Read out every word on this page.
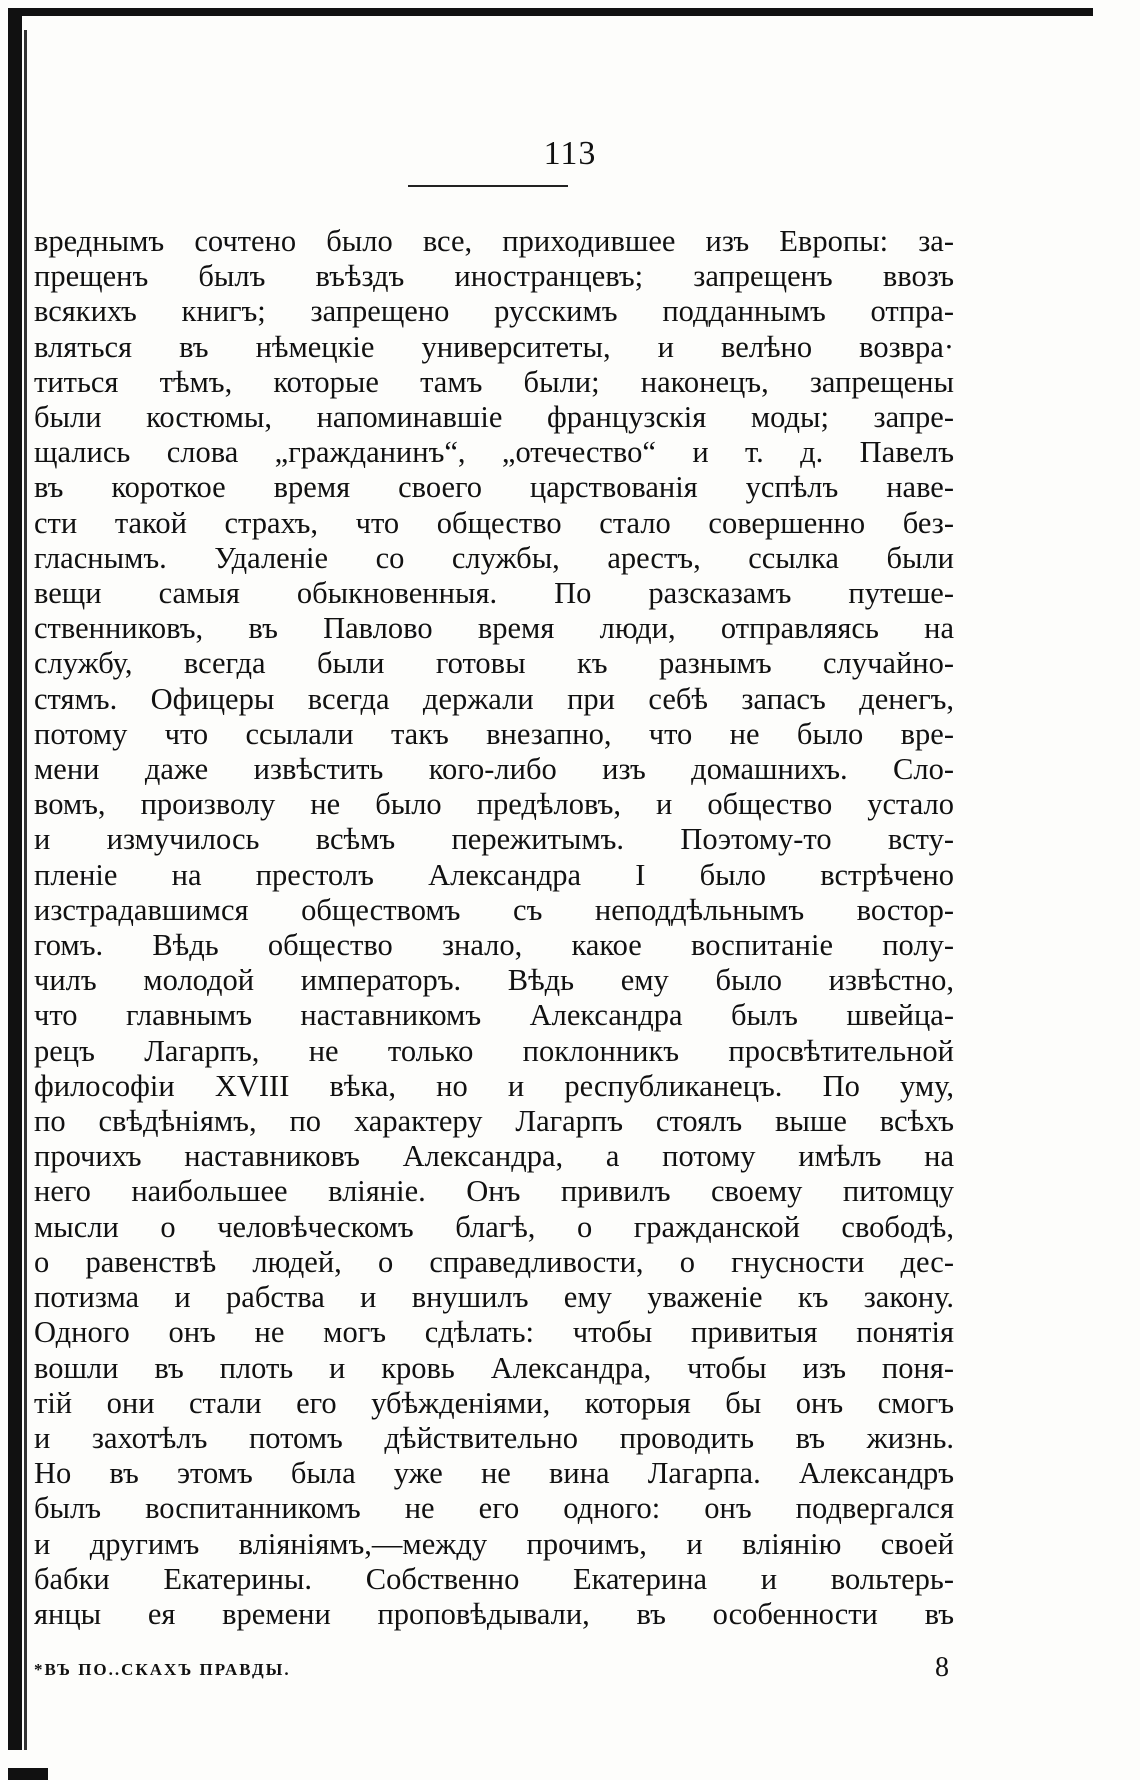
113
вреднымъ сочтено было все, приходившее изъ Европы: за-
прещенъ былъ въѣздъ иностранцевъ; запрещенъ ввозъ
всякихъ книгъ; запрещено русскимъ подданнымъ отпра-
вляться въ нѣмецкіе университеты, и велѣно возвра·
титься тѣмъ, которые тамъ были; наконецъ, запрещены
были костюмы, напоминавшіе французскія моды; запре-
щались слова „гражданинъ“, „отечество“ и т. д. Павелъ
въ короткое время своего царствованія успѣлъ наве-
сти такой страхъ, что общество стало совершенно без-
гласнымъ. Удаленіе со службы, арестъ, ссылка были
вещи самыя обыкновенныя. По разсказамъ путеше-
ственниковъ, въ Павлово время люди, отправляясь на
службу, всегда были готовы къ разнымъ случайно-
стямъ. Офицеры всегда держали при себѣ запасъ денегъ,
потому что ссылали такъ внезапно, что не было вре-
мени даже извѣстить кого-либо изъ домашнихъ. Сло-
вомъ, произволу не было предѣловъ, и общество устало
и измучилось всѣмъ пережитымъ. Поэтому-то всту-
пленіе на престолъ Александра I было встрѣчено
изстрадавшимся обществомъ съ неподдѣльнымъ востор-
гомъ. Вѣдь общество знало, какое воспитаніе полу-
чилъ молодой императоръ. Вѣдь ему было извѣстно,
что главнымъ наставникомъ Александра былъ швейца-
рецъ Лагарпъ, не только поклонникъ просвѣтительной
философіи XVIII вѣка, но и республиканецъ. По уму,
по свѣдѣніямъ, по характеру Лагарпъ стоялъ выше всѣхъ
прочихъ наставниковъ Александра, а потому имѣлъ на
него наибольшее вліяніе. Онъ привилъ своему питомцу
мысли о человѣческомъ благѣ, о гражданской свободѣ,
о равенствѣ людей, о справедливости, о гнусности дес-
потизма и рабства и внушилъ ему уваженіе къ закону.
Одного онъ не могъ сдѣлать: чтобы привитыя понятія
вошли въ плоть и кровь Александра, чтобы изъ поня-
тій они стали его убѣжденіями, которыя бы онъ смогъ
и захотѣлъ потомъ дѣйствительно проводить въ жизнь.
Но въ этомъ была уже не вина Лагарпа. Александръ
былъ воспитанникомъ не его одного: онъ подвергался
и другимъ вліяніямъ,—между прочимъ, и вліянію своей
бабки Екатерины. Собственно Екатерина и вольтерь-
янцы ея времени проповѣдывали, въ особенности въ
*ВЪ ПО..СКАХЪ ПРАВДЫ.	8
